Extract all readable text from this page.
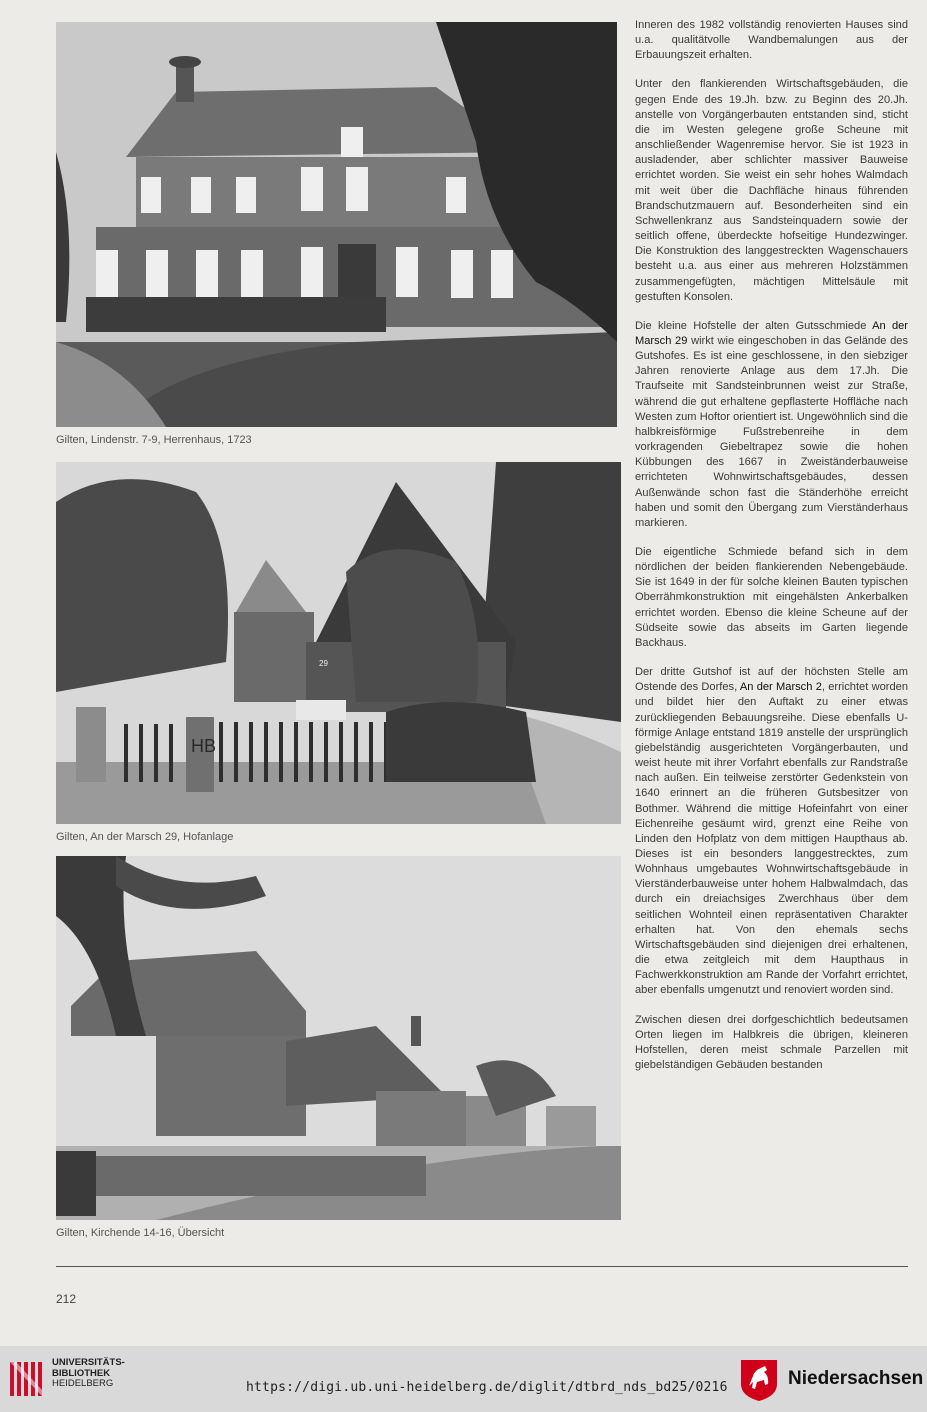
Gilten, Lindenstr. 7-9, Herrenhaus, 1723
29
HB
Gilten, An der Marsch 29, Hofanlage
Gilten, Kirchende 14-16, Übersicht

Inneren des 1982 vollständig renovierten Hauses sind u.a. qualitätvolle Wandbemalungen aus der Erbauungszeit erhalten.

Unter den flankierenden Wirtschaftsgebäuden, die gegen Ende des 19.Jh. bzw. zu Beginn des 20.Jh. anstelle von Vorgängerbauten entstanden sind, sticht die im Westen gelegene große Scheune mit anschließender Wagenremise hervor. Sie ist 1923 in ausladender, aber schlichter massiver Bauweise errichtet worden. Sie weist ein sehr hohes Walmdach mit weit über die Dachfläche hinaus führenden Brandschutzmauern auf. Besonderheiten sind ein Schwellenkranz aus Sandsteinquadern sowie der seitlich offene, überdeckte hofseitige Hundezwinger. Die Konstruktion des langgestreckten Wagenschauers besteht u.a. aus einer aus mehreren Holzstämmen zusammengefügten, mächtigen Mittelsäule mit gestuften Konsolen.

Die kleine Hofstelle der alten Gutsschmiede An der Marsch 29 wirkt wie eingeschoben in das Gelände des Gutshofes. Es ist eine geschlossene, in den siebziger Jahren renovierte Anlage aus dem 17.Jh. Die Traufseite mit Sandsteinbrunnen weist zur Straße, während die gut erhaltene gepflasterte Hoffläche nach Westen zum Hoftor orientiert ist. Ungewöhnlich sind die halbkreisförmige Fußstrebenreihe in dem vorkragenden Giebeltrapez sowie die hohen Kübbungen des 1667 in Zweiständerbauweise errichteten Wohnwirtschaftsgebäudes, dessen Außenwände schon fast die Ständerhöhe erreicht haben und somit den Übergang zum Vierständerhaus markieren.

Die eigentliche Schmiede befand sich in dem nördlichen der beiden flankierenden Nebengebäude. Sie ist 1649 in der für solche kleinen Bauten typischen Oberrähmkonstruktion mit eingehälsten Ankerbalken errichtet worden. Ebenso die kleine Scheune auf der Südseite sowie das abseits im Garten liegende Backhaus.

Der dritte Gutshof ist auf der höchsten Stelle am Ostende des Dorfes, An der Marsch 2, errichtet worden und bildet hier den Auftakt zu einer etwas zurückliegenden Bebauungsreihe. Diese ebenfalls U-förmige Anlage entstand 1819 anstelle der ursprünglich giebelständig ausgerichteten Vorgängerbauten, und weist heute mit ihrer Vorfahrt ebenfalls zur Randstraße nach außen. Ein teilweise zerstörter Gedenkstein von 1640 erinnert an die früheren Gutsbesitzer von Bothmer. Während die mittige Hofeinfahrt von einer Eichenreihe gesäumt wird, grenzt eine Reihe von Linden den Hofplatz von dem mittigen Haupthaus ab. Dieses ist ein besonders langgestrecktes, zum Wohnhaus umgebautes Wohnwirtschaftsgebäude in Vierständerbauweise unter hohem Halbwalmdach, das durch ein dreiachsiges Zwerchhaus über dem seitlichen Wohnteil einen repräsentativen Charakter erhalten hat. Von den ehemals sechs Wirtschaftsgebäuden sind diejenigen drei erhaltenen, die etwa zeitgleich mit dem Haupthaus in Fachwerkkonstruktion am Rande der Vorfahrt errichtet, aber ebenfalls umgenutzt und renoviert worden sind.

Zwischen diesen drei dorfgeschichtlich bedeutsamen Orten liegen im Halbkreis die übrigen, kleineren Hofstellen, deren meist schmale Parzellen mit giebelständigen Gebäuden bestanden

212
UNIVERSITÄTS-
BIBLIOTHEK
HEIDELBERG	https://digi.ub.uni-heidelberg.de/diglit/dtbrd_nds_bd25/0216	Niedersachsen
